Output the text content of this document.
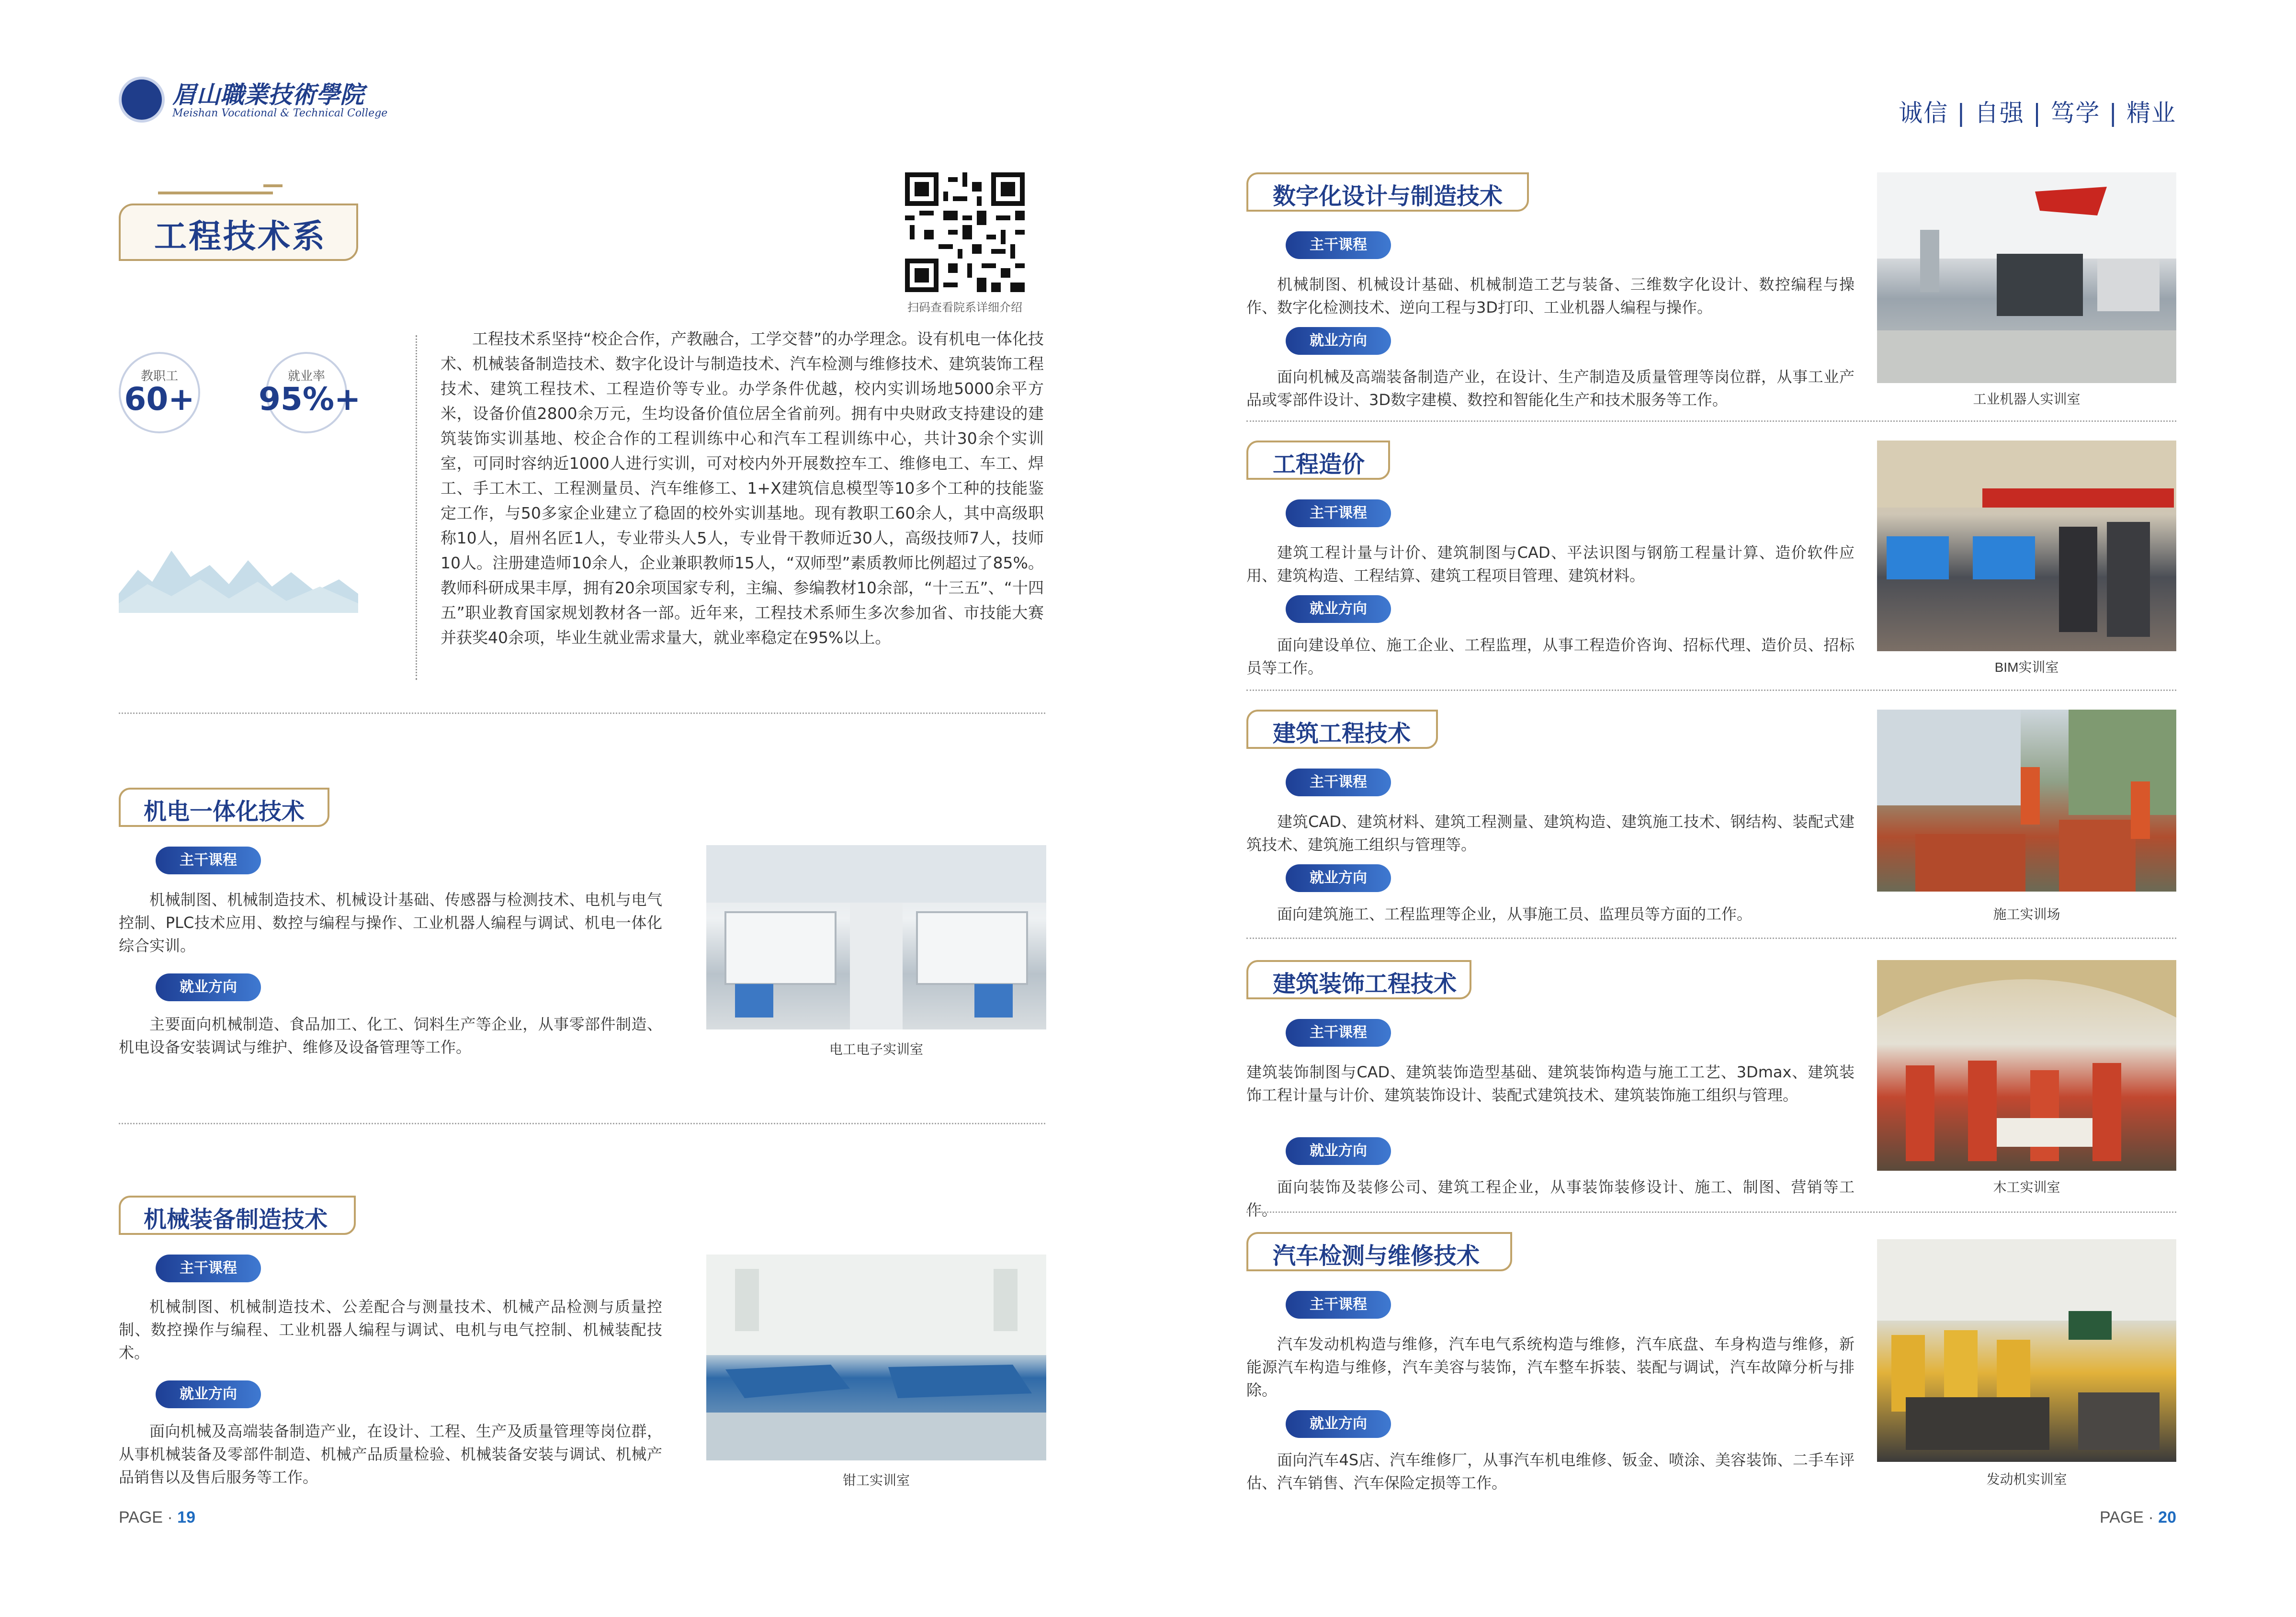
眉山職業技術學院
Meishan Vocational & Technical College	诚信 | 自强 | 笃学 | 精业
工程技术系
扫码查看院系详细介绍
教职工
60+
就业率
95%+
工程技术系坚持“校企合作，产教融合，工学交替”的办学理念。设有机电一体化技术、机械装备制造技术、数字化设计与制造技术、汽车检测与维修技术、建筑装饰工程技术、建筑工程技术、工程造价等专业。办学条件优越，校内实训场地5000余平方米，设备价值2800余万元，生均设备价值位居全省前列。拥有中央财政支持建设的建筑装饰实训基地、校企合作的工程训练中心和汽车工程训练中心，共计30余个实训室，可同时容纳近1000人进行实训，可对校内外开展数控车工、维修电工、车工、焊工、手工木工、工程测量员、汽车维修工、1+X建筑信息模型等10多个工种的技能鉴定工作，与50多家企业建立了稳固的校外实训基地。现有教职工60余人，其中高级职称10人，眉州名匠1人，专业带头人5人，专业骨干教师近30人，高级技师7人，技师10人。注册建造师10余人，企业兼职教师15人，“双师型”素质教师比例超过了85%。教师科研成果丰厚，拥有20余项国家专利，主编、参编教材10余部，“十三五”、“十四五”职业教育国家规划教材各一部。近年来，工程技术系师生多次参加省、市技能大赛并获奖40余项，毕业生就业需求量大，就业率稳定在95%以上。
机电一体化技术
主干课程
机械制图、机械制造技术、机械设计基础、传感器与检测技术、电机与电气控制、PLC技术应用、数控与编程与操作、工业机器人编程与调试、机电一体化综合实训。
就业方向
主要面向机械制造、食品加工、化工、饲料生产等企业，从事零部件制造、机电设备安装调试与维护、维修及设备管理等工作。	电工电子实训室
机械装备制造技术
主干课程
机械制图、机械制造技术、公差配合与测量技术、机械产品检测与质量控制、数控操作与编程、工业机器人编程与调试、电机与电气控制、机械装配技术。
就业方向
面向机械及高端装备制造产业，在设计、工程、生产及质量管理等岗位群，从事机械装备及零部件制造、机械产品质量检验、机械装备安装与调试、机械产品销售以及售后服务等工作。	钳工实训室
PAGE · 19
数字化设计与制造技术
主干课程
机械制图、机械设计基础、机械制造工艺与装备、三维数字化设计、数控编程与操作、数字化检测技术、逆向工程与3D打印、工业机器人编程与操作。
就业方向
面向机械及高端装备制造产业，在设计、生产制造及质量管理等岗位群，从事工业产品或零部件设计、3D数字建模、数控和智能化生产和技术服务等工作。	工业机器人实训室
工程造价
主干课程
建筑工程计量与计价、建筑制图与CAD、平法识图与钢筋工程量计算、造价软件应用、建筑构造、工程结算、建筑工程项目管理、建筑材料。
就业方向
面向建设单位、施工企业、工程监理，从事工程造价咨询、招标代理、造价员、招标员等工作。	BIM实训室
建筑工程技术
主干课程
建筑CAD、建筑材料、建筑工程测量、建筑构造、建筑施工技术、钢结构、装配式建筑技术、建筑施工组织与管理等。
就业方向
面向建筑施工、工程监理等企业，从事施工员、监理员等方面的工作。	施工实训场
建筑装饰工程技术
主干课程
建筑装饰制图与CAD、建筑装饰造型基础、建筑装饰构造与施工工艺、3Dmax、建筑装饰工程计量与计价、建筑装饰设计、装配式建筑技术、建筑装饰施工组织与管理。
就业方向
面向装饰及装修公司、建筑工程企业，从事装饰装修设计、施工、制图、营销等工作。
木工实训室
汽车检测与维修技术
主干课程
汽车发动机构造与维修，汽车电气系统构造与维修，汽车底盘、车身构造与维修，新能源汽车构造与维修，汽车美容与装饰，汽车整车拆装、装配与调试，汽车故障分析与排除。
就业方向
面向汽车4S店、汽车维修厂，从事汽车机电维修、钣金、喷涂、美容装饰、二手车评估、汽车销售、汽车保险定损等工作。	发动机实训室
PAGE · 20
